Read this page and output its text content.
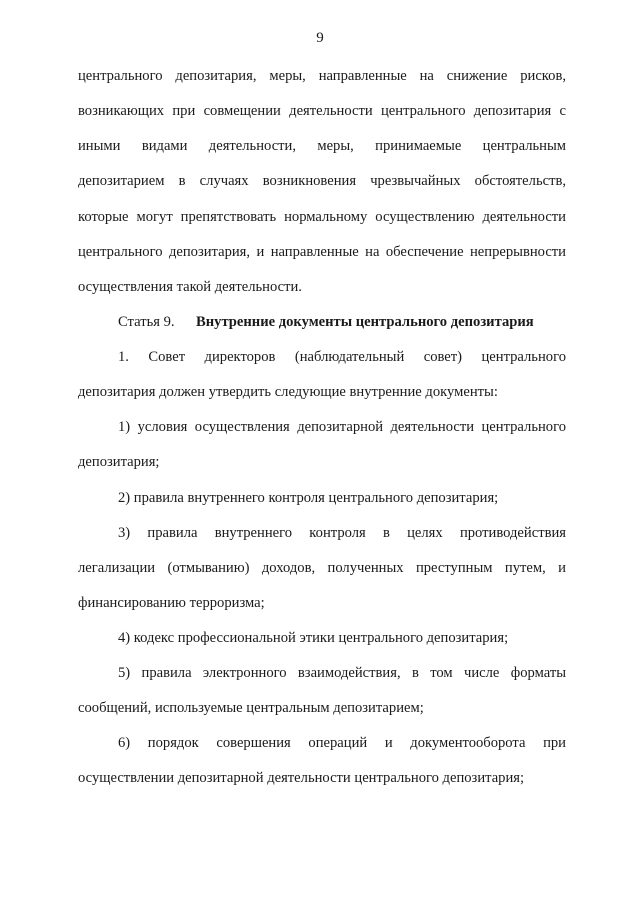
9
центрального депозитария, меры, направленные на снижение рисков,
возникающих при совмещении деятельности центрального депозитария с
иными видами деятельности, меры, принимаемые центральным
депозитарием в случаях возникновения чрезвычайных обстоятельств,
которые могут препятствовать нормальному осуществлению деятельности
центрального депозитария, и направленные на обеспечение непрерывности
осуществления такой деятельности.
Статья 9. Внутренние документы центрального депозитария
1. Совет директоров (наблюдательный совет) центрального
депозитария должен утвердить следующие внутренние документы:
1) условия осуществления депозитарной деятельности центрального
депозитария;
2) правила внутреннего контроля центрального депозитария;
3) правила внутреннего контроля в целях противодействия
легализации (отмыванию) доходов, полученных преступным путем, и
финансированию терроризма;
4) кодекс профессиональной этики центрального депозитария;
5) правила электронного взаимодействия, в том числе форматы
сообщений, используемые центральным депозитарием;
6) порядок совершения операций и документооборота при
осуществлении депозитарной деятельности центрального депозитария;
